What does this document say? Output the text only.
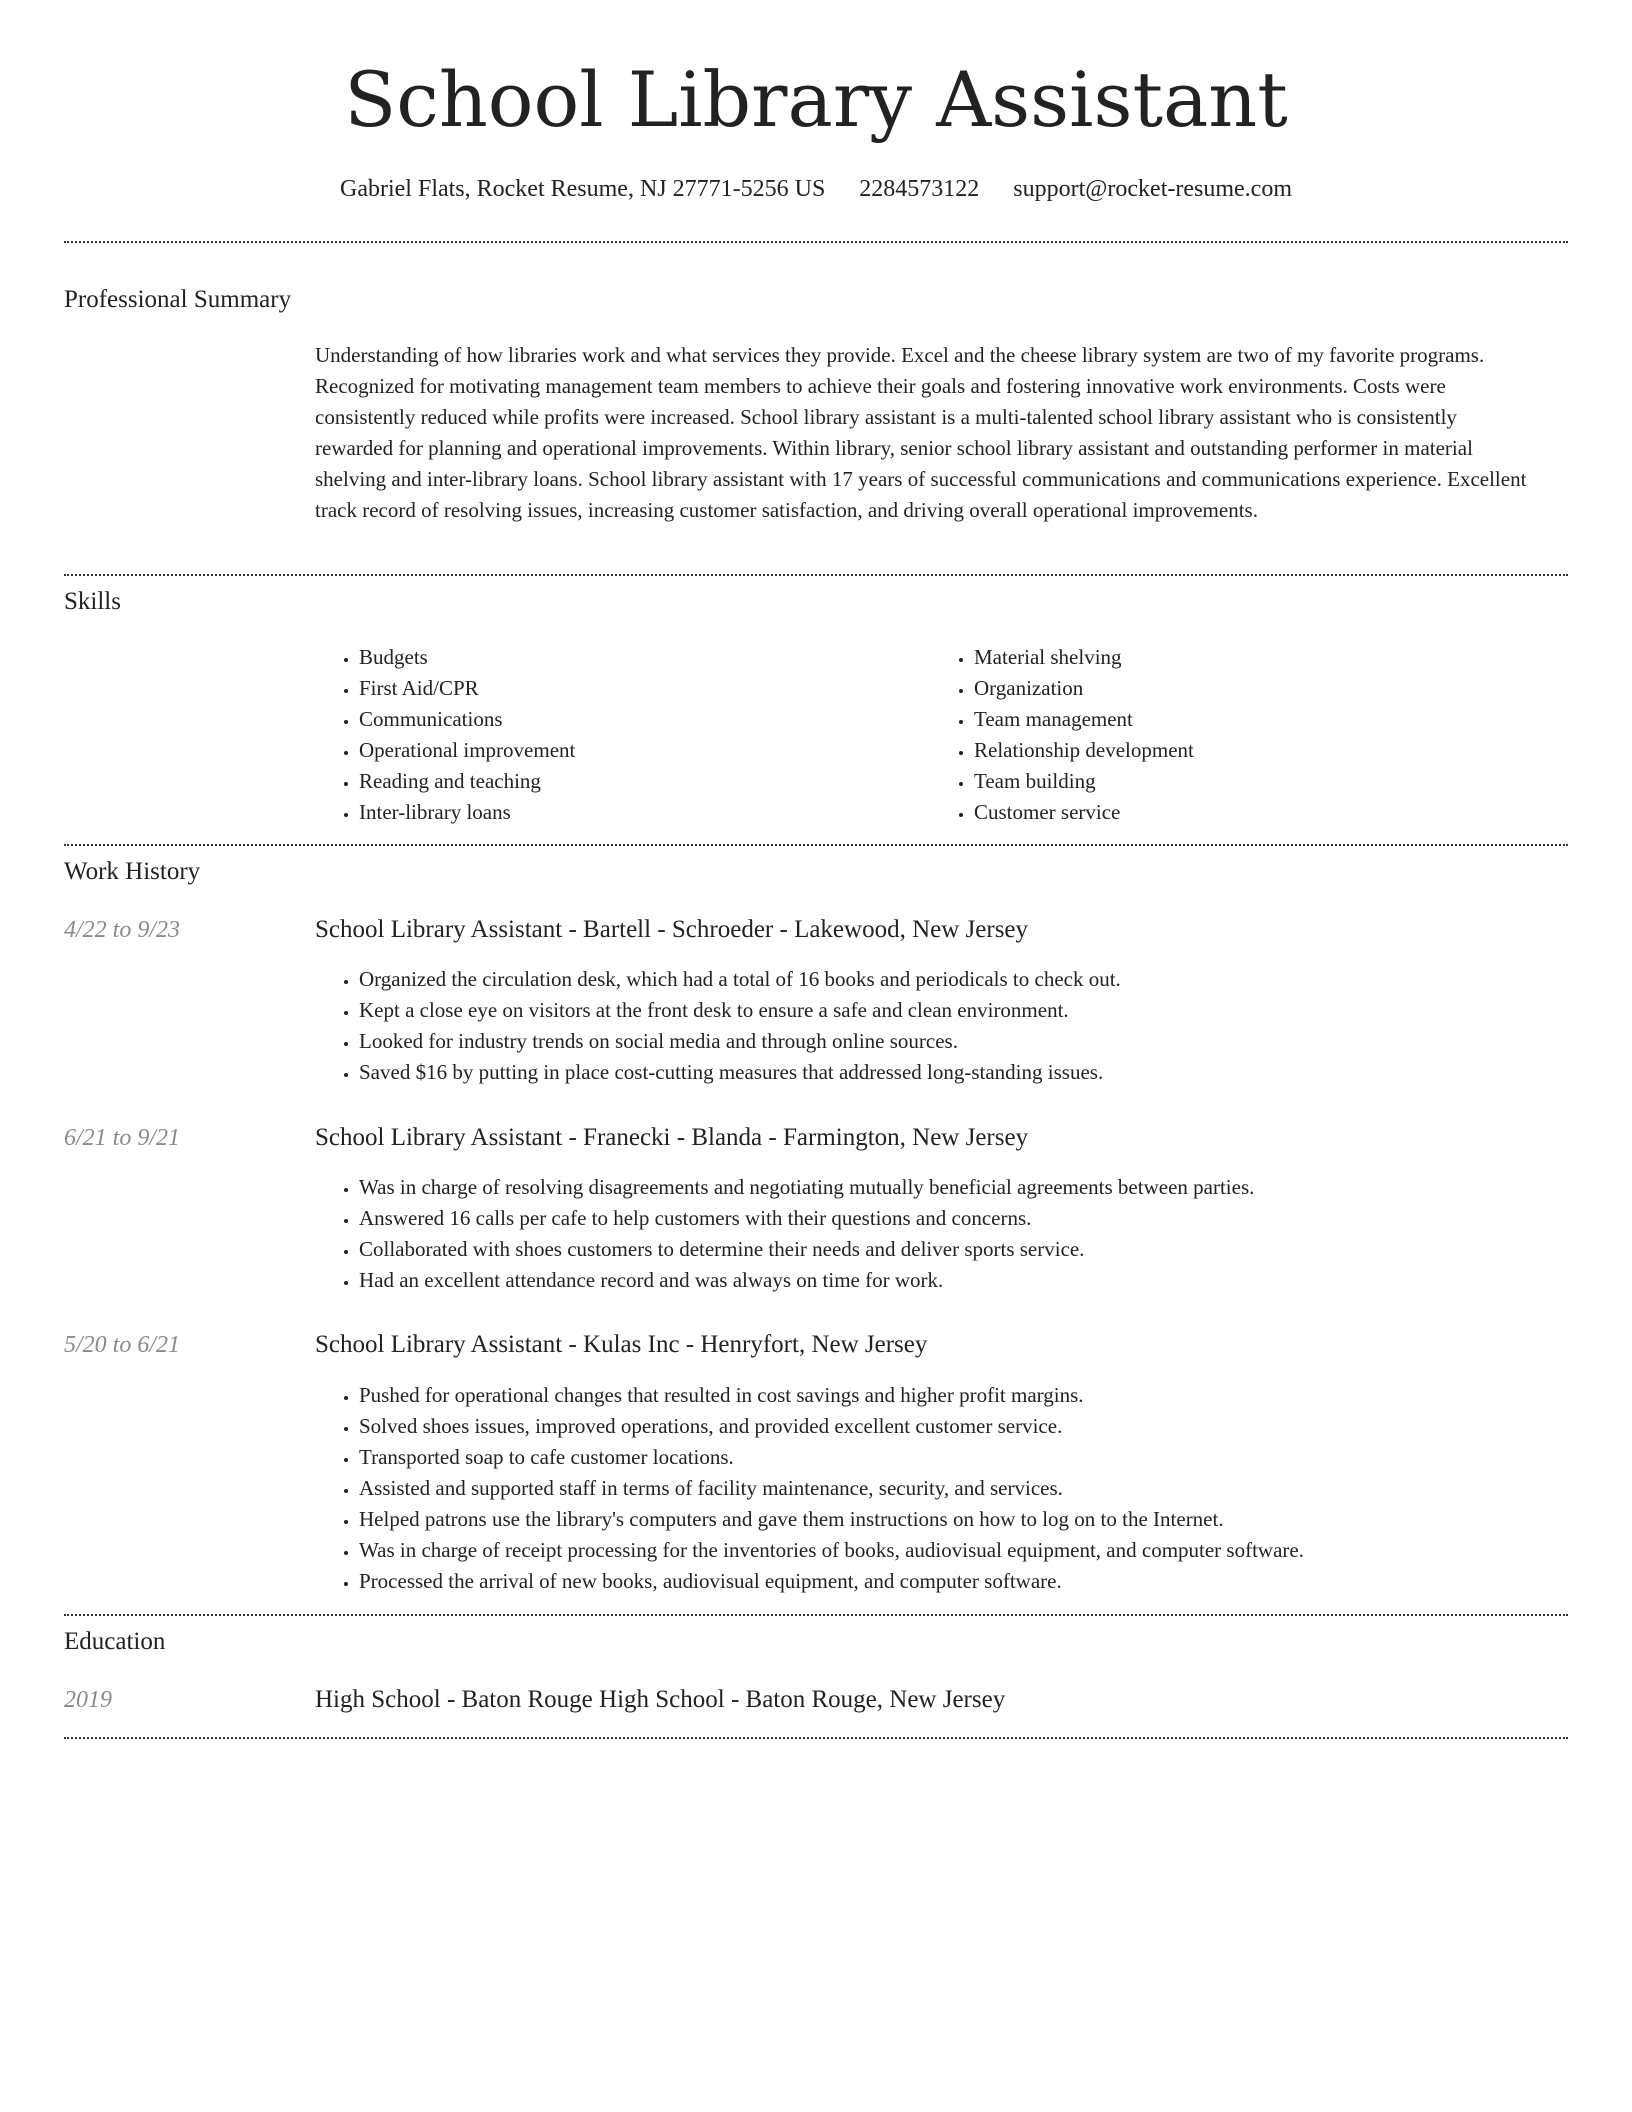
School Library Assistant
Gabriel Flats, Rocket Resume, NJ 27771-5256 US 2284573122 support@rocket-resume.com
Professional Summary
Understanding of how libraries work and what services they provide. Excel and the cheese library system are two of my favorite programs. Recognized for motivating management team members to achieve their goals and fostering innovative work environments. Costs were consistently reduced while profits were increased. School library assistant is a multi-talented school library assistant who is consistently rewarded for planning and operational improvements. Within library, senior school library assistant and outstanding performer in material shelving and inter-library loans. School library assistant with 17 years of successful communications and communications experience. Excellent track record of resolving issues, increasing customer satisfaction, and driving overall operational improvements.
Skills
• Budgets
• First Aid/CPR
• Communications
• Operational improvement
• Reading and teaching
• Inter-library loans
• Material shelving
• Organization
• Team management
• Relationship development
• Team building
• Customer service
Work History
4/22 to 9/23	School Library Assistant - Bartell - Schroeder - Lakewood, New Jersey
• Organized the circulation desk, which had a total of 16 books and periodicals to check out.
• Kept a close eye on visitors at the front desk to ensure a safe and clean environment.
• Looked for industry trends on social media and through online sources.
• Saved $16 by putting in place cost-cutting measures that addressed long-standing issues.
6/21 to 9/21	School Library Assistant - Franecki - Blanda - Farmington, New Jersey
• Was in charge of resolving disagreements and negotiating mutually beneficial agreements between parties.
• Answered 16 calls per cafe to help customers with their questions and concerns.
• Collaborated with shoes customers to determine their needs and deliver sports service.
• Had an excellent attendance record and was always on time for work.
5/20 to 6/21	School Library Assistant - Kulas Inc - Henryfort, New Jersey
• Pushed for operational changes that resulted in cost savings and higher profit margins.
• Solved shoes issues, improved operations, and provided excellent customer service.
• Transported soap to cafe customer locations.
• Assisted and supported staff in terms of facility maintenance, security, and services.
• Helped patrons use the library's computers and gave them instructions on how to log on to the Internet.
• Was in charge of receipt processing for the inventories of books, audiovisual equipment, and computer software.
• Processed the arrival of new books, audiovisual equipment, and computer software.
Education
2019	High School - Baton Rouge High School - Baton Rouge, New Jersey
